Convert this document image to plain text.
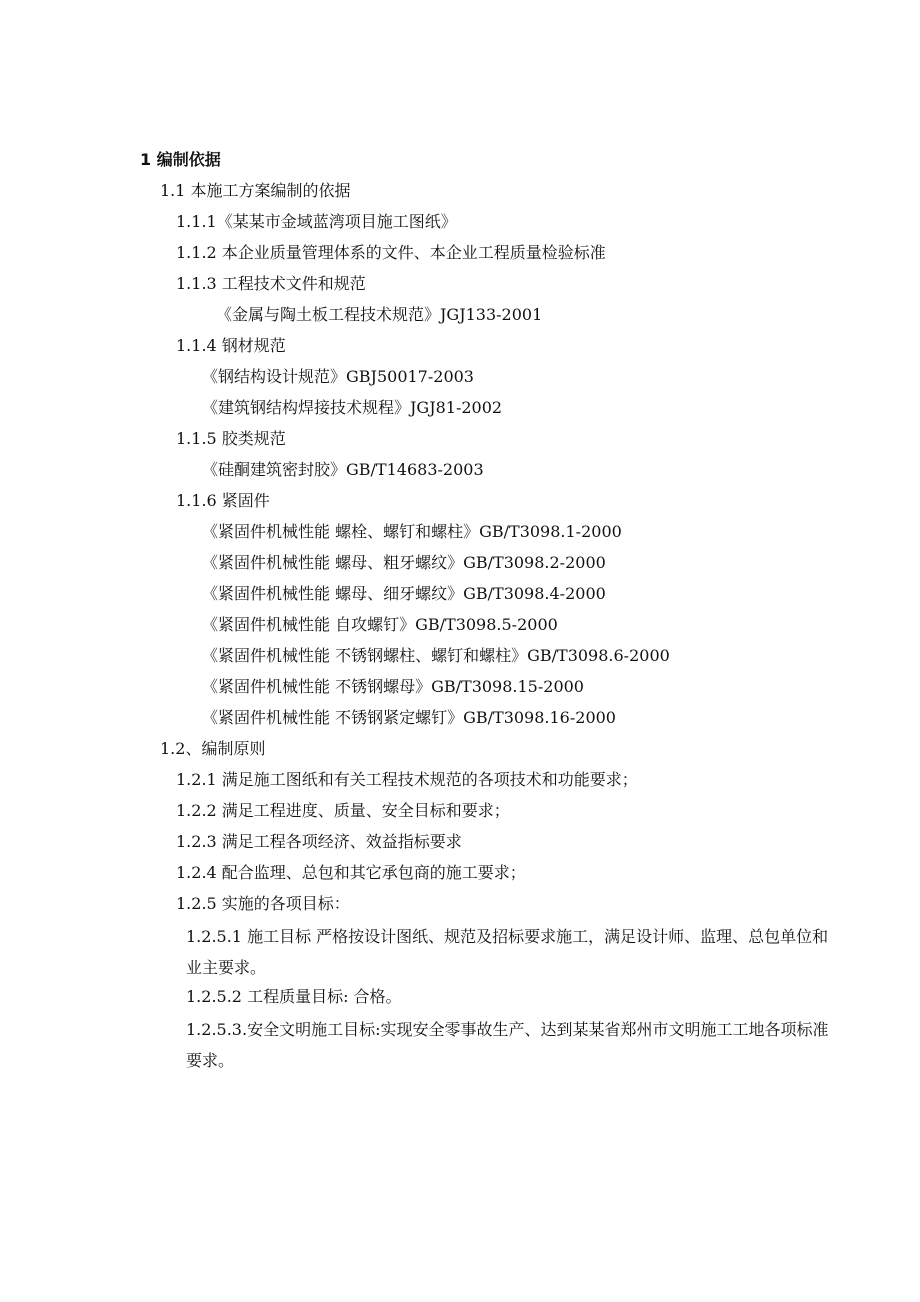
1 编制依据
1.1 本施工方案编制的依据
1.1.1《某某市金域蓝湾项目施工图纸》
1.1.2 本企业质量管理体系的文件、本企业工程质量检验标准
1.1.3 工程技术文件和规范
《金属与陶土板工程技术规范》JGJ133-2001
1.1.4 钢材规范
《钢结构设计规范》GBJ50017-2003
《建筑钢结构焊接技术规程》JGJ81-2002
1.1.5 胶类规范
《硅酮建筑密封胶》GB/T14683-2003
1.1.6 紧固件
《紧固件机械性能 螺栓、螺钉和螺柱》GB/T3098.1-2000
《紧固件机械性能 螺母、粗牙螺纹》GB/T3098.2-2000
《紧固件机械性能 螺母、细牙螺纹》GB/T3098.4-2000
《紧固件机械性能 自攻螺钉》GB/T3098.5-2000
《紧固件机械性能 不锈钢螺柱、螺钉和螺柱》GB/T3098.6-2000
《紧固件机械性能 不锈钢螺母》GB/T3098.15-2000
《紧固件机械性能 不锈钢紧定螺钉》GB/T3098.16-2000
1.2、编制原则
1.2.1 满足施工图纸和有关工程技术规范的各项技术和功能要求；
1.2.2 满足工程进度、质量、安全目标和要求；
1.2.3 满足工程各项经济、效益指标要求
1.2.4 配合监理、总包和其它承包商的施工要求；
1.2.5 实施的各项目标：
1.2.5.1 施工目标 严格按设计图纸、规范及招标要求施工，满足设计师、监理、总包单位和业主要求。
1.2.5.2 工程质量目标: 合格。
1.2.5.3.安全文明施工目标:实现安全零事故生产、达到某某省郑州市文明施工工地各项标准要求。
